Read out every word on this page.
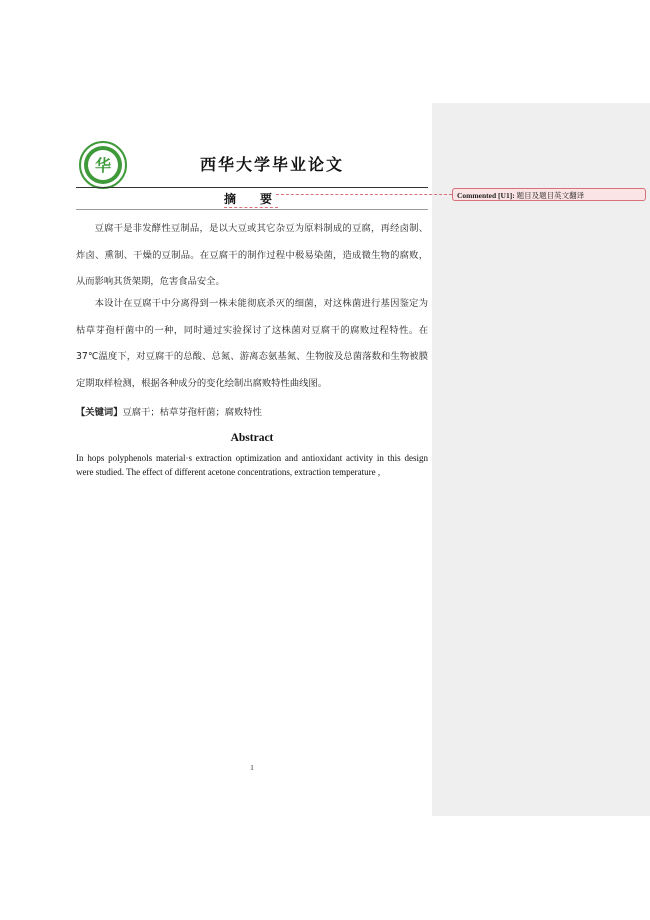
华	西华大学毕业论文
摘 要	Commented [U1]: 题目及题目英文翻译

豆腐干是非发酵性豆制品，是以大豆或其它杂豆为原料制成的豆腐，再经卤制、炸卤、熏制、干燥的豆制品。在豆腐干的制作过程中极易染菌，造成微生物的腐败，从而影响其货架期，危害食品安全。

本设计在豆腐干中分离得到一株未能彻底杀灭的细菌，对这株菌进行基因鉴定为枯草芽孢杆菌中的一种，同时通过实验探讨了这株菌对豆腐干的腐败过程特性。在 37℃温度下，对豆腐干的总酸、总氮、游离态氨基氮、生物胺及总菌落数和生物被膜定期取样检测，根据各种成分的变化绘制出腐败特性曲线图。

【关键词】豆腐干；枯草芽孢杆菌；腐败特性
Abstract

In hops polyphenols material·s extraction optimization and antioxidant activity in this design were studied. The effect of different acetone concentrations, extraction temperature ,

1
